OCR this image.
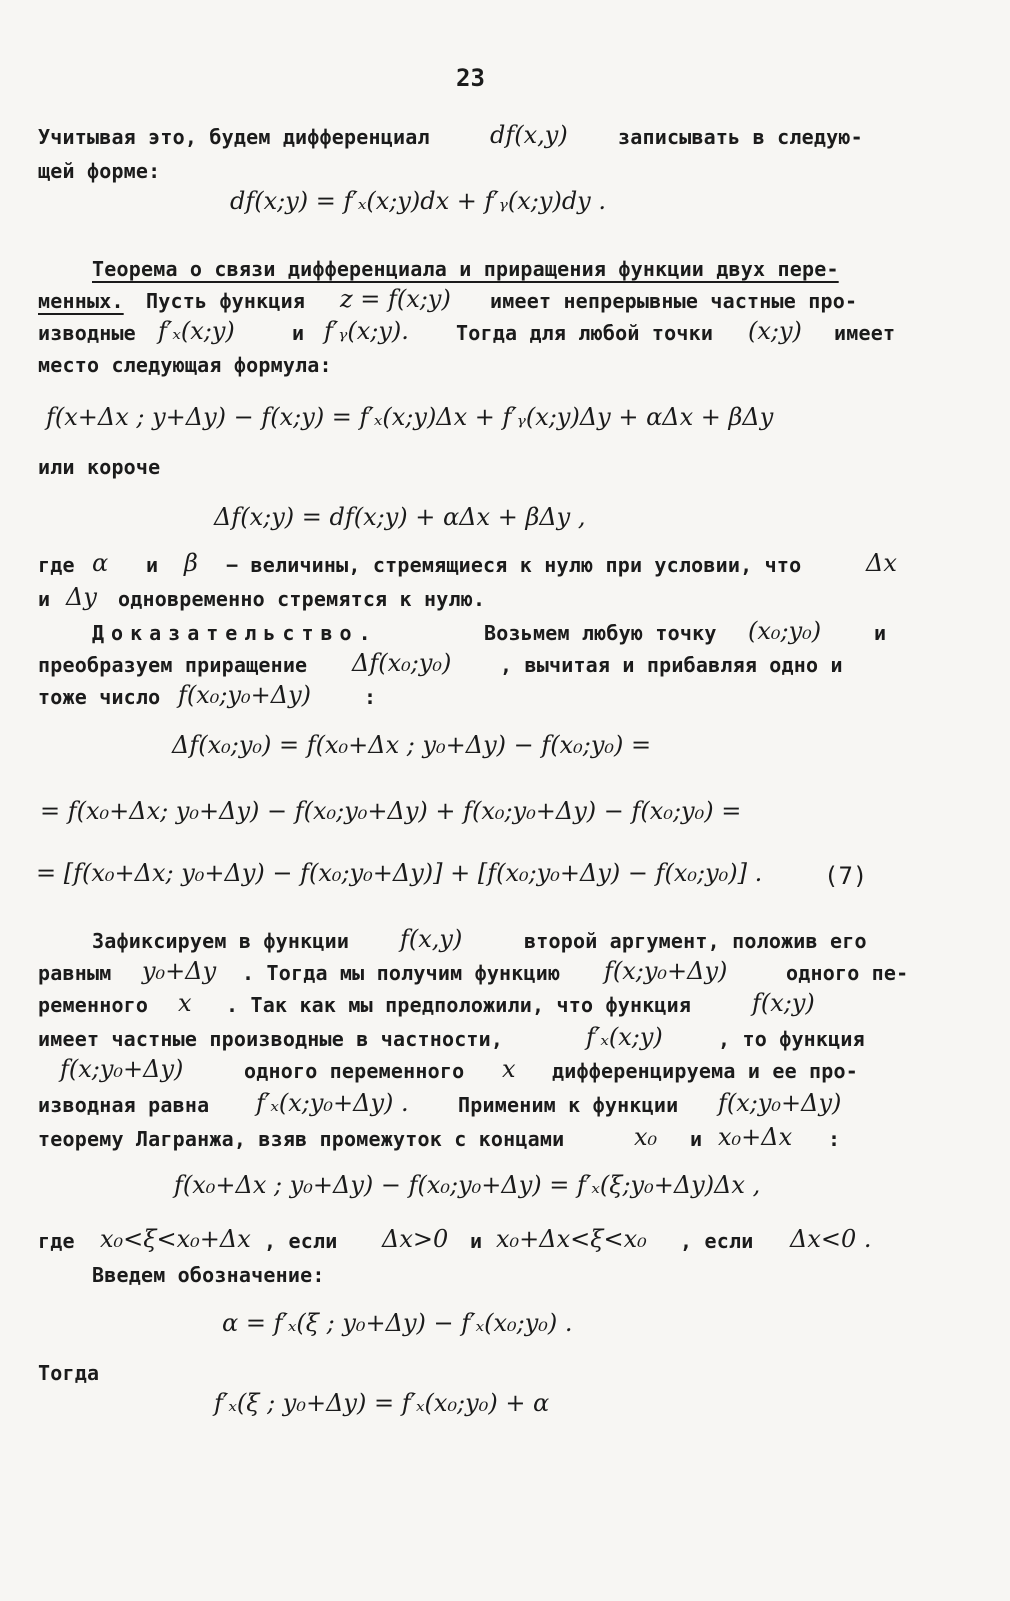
23
Учитывая это, будем дифференциал	df(x,y)	записывать в следую-
щей форме:
df(x;y) = f′ₓ(x;y)dx + f′ᵧ(x;y)dy .
Теорема о связи дифференциала и приращения функции двух пере-
менных. Пусть функция z = f(x;y) имеет непрерывные частные про-
изводные f′ₓ(x;y)	и f′ᵧ(x;y). Тогда для любой точки (x;y) имеет
место следующая формула:
f(x+Δx ; y+Δy) − f(x;y) = f′ₓ(x;y)Δx + f′ᵧ(x;y)Δy + αΔx + βΔy
или короче
Δf(x;y) = df(x;y) + αΔx + βΔy ,
где α и β − величины, стремящиеся к нулю при условии, что	Δx
и Δy одновременно стремятся к нулю.
Доказательство.	Возьмем любую точку (x₀;y₀)	и
преобразуем приращение Δf(x₀;y₀) , вычитая и прибавляя одно и
тоже число f(x₀;y₀+Δy)	:
Δf(x₀;y₀) = f(x₀+Δx ; y₀+Δy) − f(x₀;y₀) =
= f(x₀+Δx; y₀+Δy) − f(x₀;y₀+Δy) + f(x₀;y₀+Δy) − f(x₀;y₀) =
= [f(x₀+Δx; y₀+Δy) − f(x₀;y₀+Δy)] + [f(x₀;y₀+Δy) − f(x₀;y₀)] .	(7)
Зафиксируем в функции f(x,y)	второй аргумент, положив его
равным y₀+Δy . Тогда мы получим функцию f(x;y₀+Δy)	одного пе-
ременного x . Так как мы предположили, что функция	f(x;y)
имеет частные производные в частности,	f′ₓ(x;y)	, то функция
f(x;y₀+Δy)	одного переменного x дифференцируема и ее про-
изводная равна f′ₓ(x;y₀+Δy) . Применим к функции f(x;y₀+Δy)
теорему Лагранжа, взяв промежуток с концами	x₀ и x₀+Δx :
f(x₀+Δx ; y₀+Δy) − f(x₀;y₀+Δy) = f′ₓ(ξ;y₀+Δy)Δx ,
где x₀<ξ<x₀+Δx , если Δx>0 и x₀+Δx<ξ<x₀ , если Δx<0 .
Введем обозначение:
α = f′ₓ(ξ ; y₀+Δy) − f′ₓ(x₀;y₀) .
Тогда
f′ₓ(ξ ; y₀+Δy) = f′ₓ(x₀;y₀) + α
